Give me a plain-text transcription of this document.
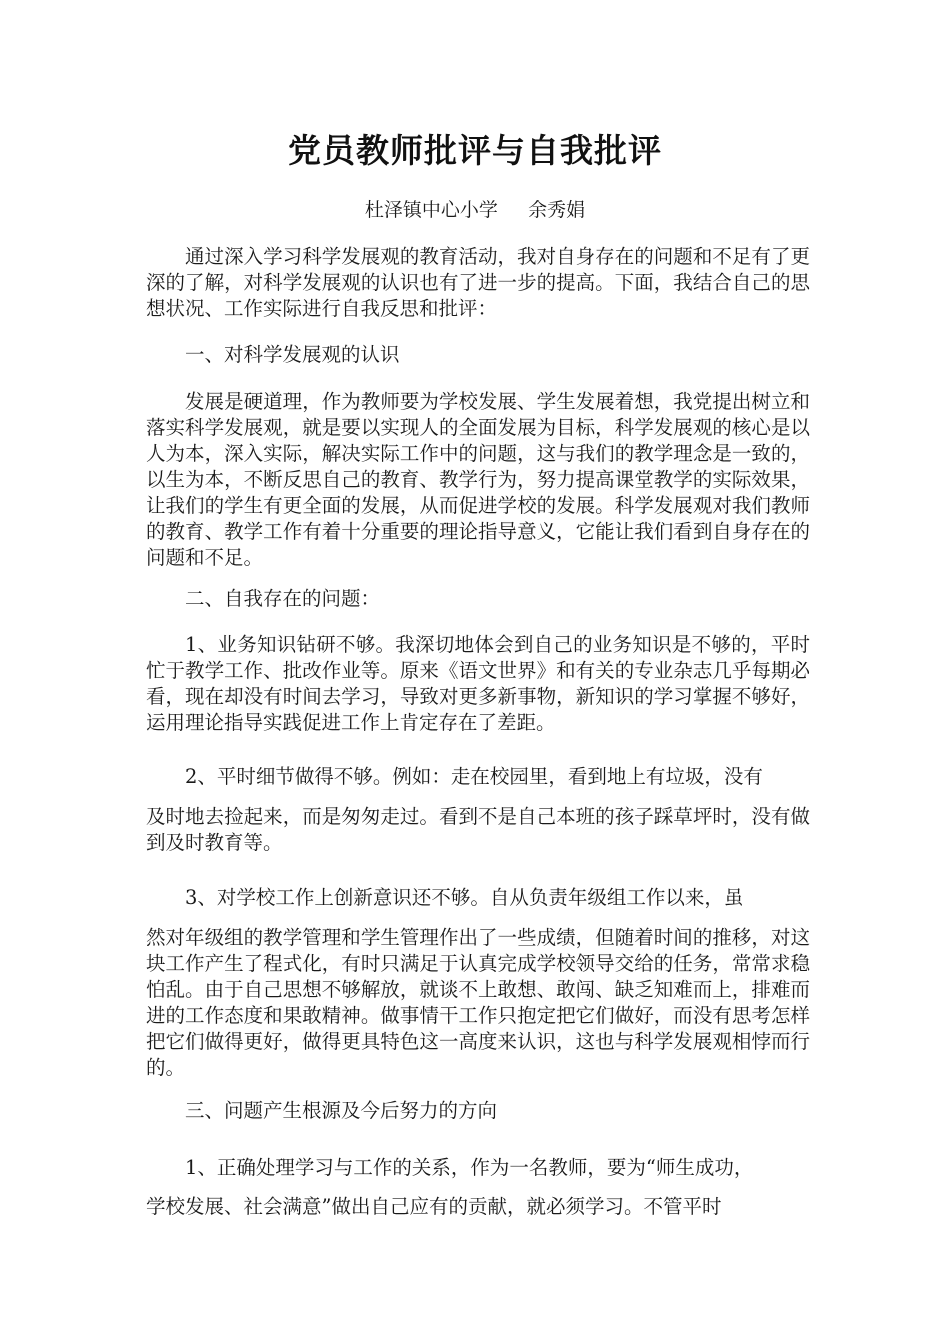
党员教师批评与自我批评
杜泽镇中心小学     余秀娟
通过深入学习科学发展观的教育活动，我对自身存在的问题和不足有了更深的了解，对科学发展观的认识也有了进一步的提高。下面，我结合自己的思想状况、工作实际进行自我反思和批评：
一、对科学发展观的认识
发展是硬道理，作为教师要为学校发展、学生发展着想，我党提出树立和落实科学发展观，就是要以实现人的全面发展为目标，科学发展观的核心是以人为本，深入实际，解决实际工作中的问题，这与我们的教学理念是一致的，以生为本，不断反思自己的教育、教学行为，努力提高课堂教学的实际效果，让我们的学生有更全面的发展，从而促进学校的发展。科学发展观对我们教师的教育、教学工作有着十分重要的理论指导意义，它能让我们看到自身存在的问题和不足。
二、自我存在的问题：
1、业务知识钻研不够。我深切地体会到自己的业务知识是不够的，平时忙于教学工作、批改作业等。原来《语文世界》和有关的专业杂志几乎每期必看，现在却没有时间去学习，导致对更多新事物，新知识的学习掌握不够好，运用理论指导实践促进工作上肯定存在了差距。
2、平时细节做得不够。例如：走在校园里，看到地上有垃圾，没有
及时地去捡起来，而是匆匆走过。看到不是自己本班的孩子踩草坪时，没有做到及时教育等。
3、对学校工作上创新意识还不够。自从负责年级组工作以来，虽
然对年级组的教学管理和学生管理作出了一些成绩，但随着时间的推移，对这块工作产生了程式化，有时只满足于认真完成学校领导交给的任务，常常求稳怕乱。由于自己思想不够解放，就谈不上敢想、敢闯、缺乏知难而上，排难而进的工作态度和果敢精神。做事情干工作只抱定把它们做好，而没有思考怎样把它们做得更好，做得更具特色这一高度来认识，这也与科学发展观相悖而行的。
三、问题产生根源及今后努力的方向
1、正确处理学习与工作的关系，作为一名教师，要为“师生成功，
学校发展、社会满意”做出自己应有的贡献，就必须学习。不管平时
